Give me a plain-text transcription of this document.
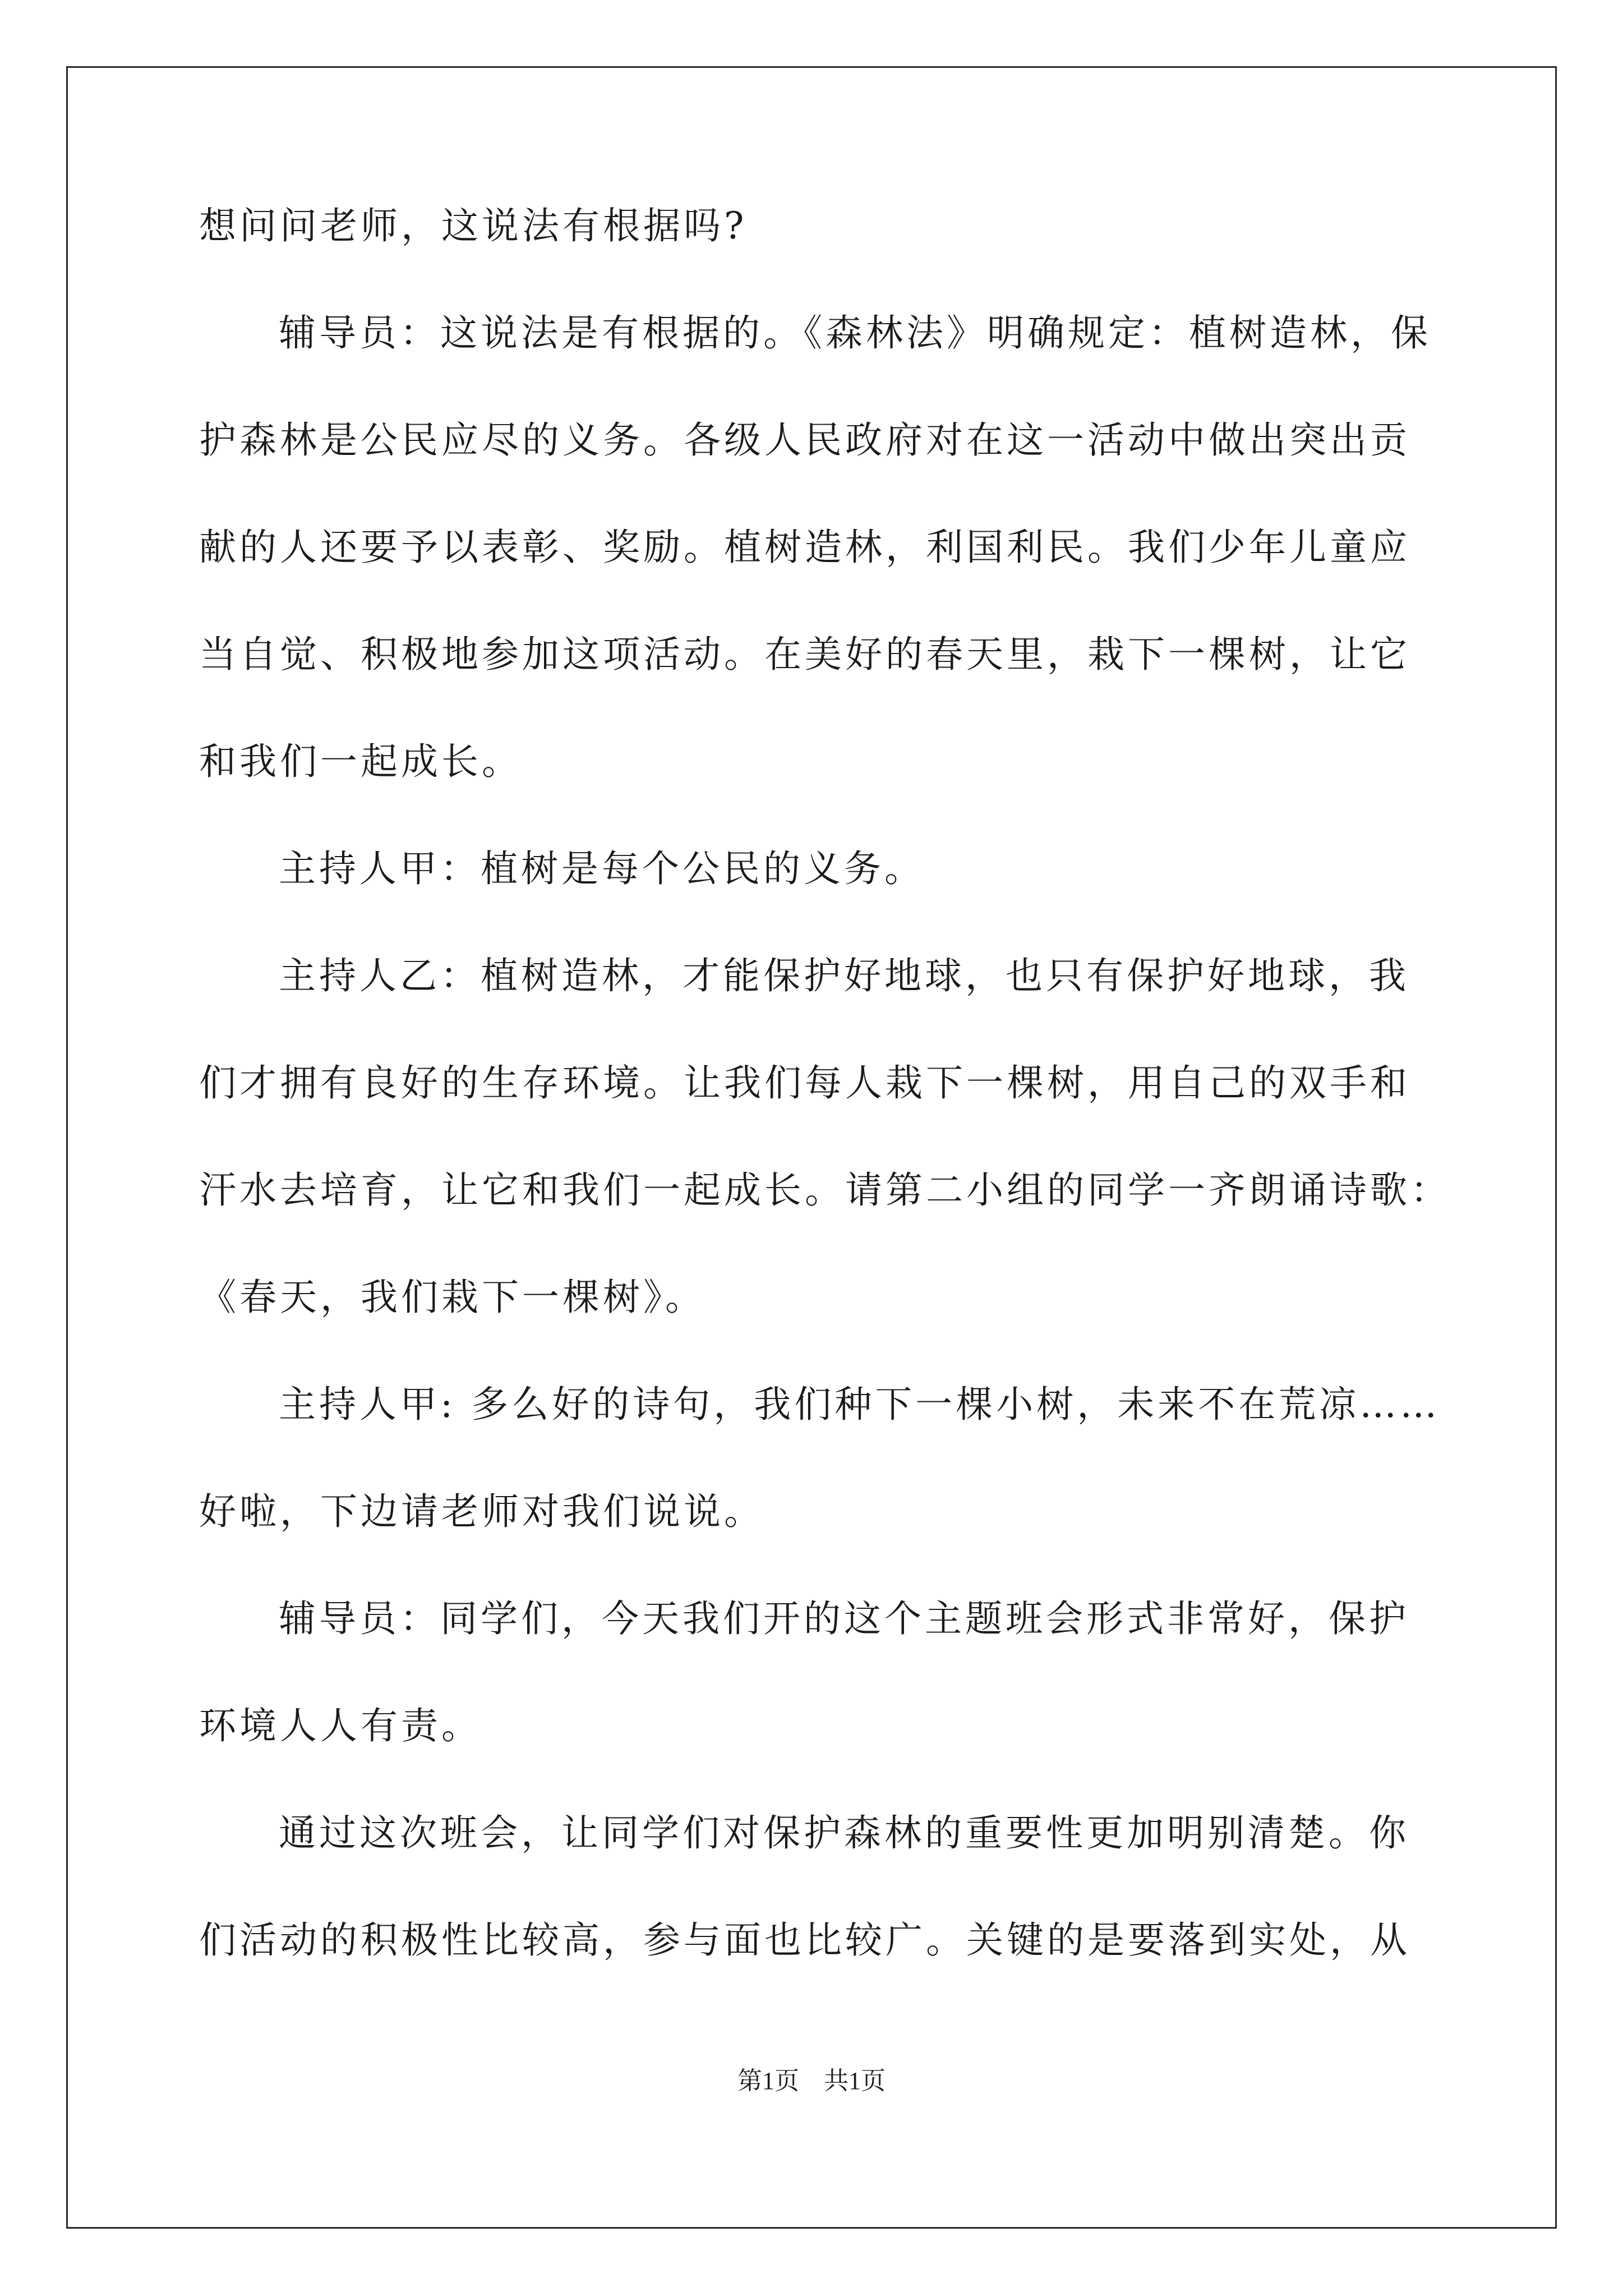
想问问老师，这说法有根据吗?
辅导员：这说法是有根据的。《森林法》明确规定：植树造林，保
护森林是公民应尽的义务。各级人民政府对在这一活动中做出突出贡
献的人还要予以表彰、奖励。植树造林，利国利民。我们少年儿童应
当自觉、积极地参加这项活动。在美好的春天里，栽下一棵树，让它
和我们一起成长。
主持人甲：植树是每个公民的义务。
主持人乙：植树造林，才能保护好地球，也只有保护好地球，我
们才拥有良好的生存环境。让我们每人栽下一棵树，用自己的双手和
汗水去培育，让它和我们一起成长。请第二小组的同学一齐朗诵诗歌：
《春天，我们栽下一棵树》。
主持人甲: 多么好的诗句，我们种下一棵小树，未来不在荒凉……
好啦，下边请老师对我们说说。
辅导员：同学们，今天我们开的这个主题班会形式非常好，保护
环境人人有责。
通过这次班会，让同学们对保护森林的重要性更加明别清楚。你
们活动的积极性比较高，参与面也比较广。关键的是要落到实处，从
第1页　共1页
